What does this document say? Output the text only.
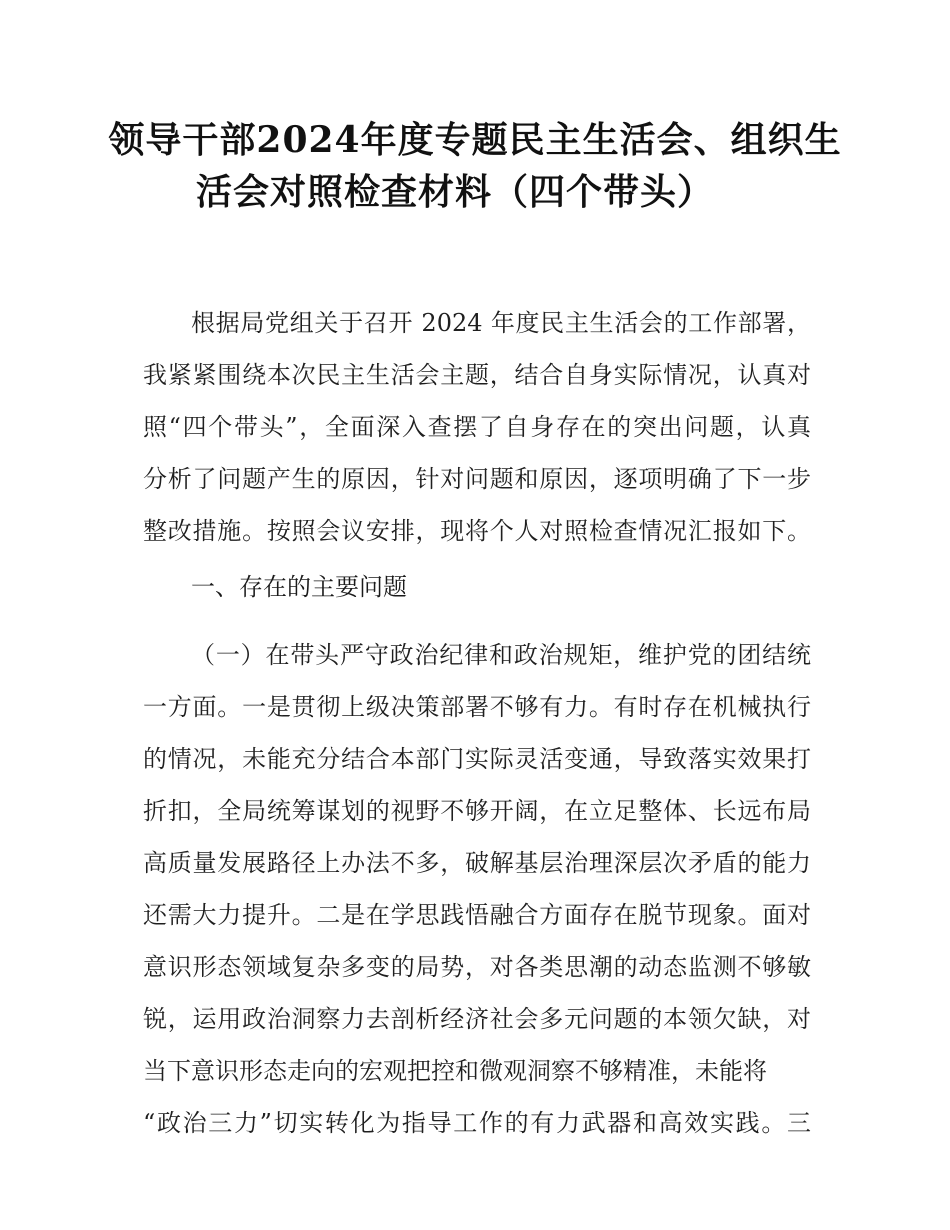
领导干部2024年度专题民主生活会、组织生
活会对照检查材料（四个带头）
根据局党组关于召开 2024 年度民主生活会的工作部署，
我紧紧围绕本次民主生活会主题，结合自身实际情况，认真对
照“四个带头”，全面深入查摆了自身存在的突出问题，认真
分析了问题产生的原因，针对问题和原因，逐项明确了下一步
整改措施。按照会议安排，现将个人对照检查情况汇报如下。
一、存在的主要问题
（一）在带头严守政治纪律和政治规矩，维护党的团结统
一方面。一是贯彻上级决策部署不够有力。有时存在机械执行
的情况，未能充分结合本部门实际灵活变通，导致落实效果打
折扣，全局统筹谋划的视野不够开阔，在立足整体、长远布局
高质量发展路径上办法不多，破解基层治理深层次矛盾的能力
还需大力提升。二是在学思践悟融合方面存在脱节现象。面对
意识形态领域复杂多变的局势，对各类思潮的动态监测不够敏
锐，运用政治洞察力去剖析经济社会多元问题的本领欠缺，对
当下意识形态走向的宏观把控和微观洞察不够精准，未能将
“政治三力”切实转化为指导工作的有力武器和高效实践。三
